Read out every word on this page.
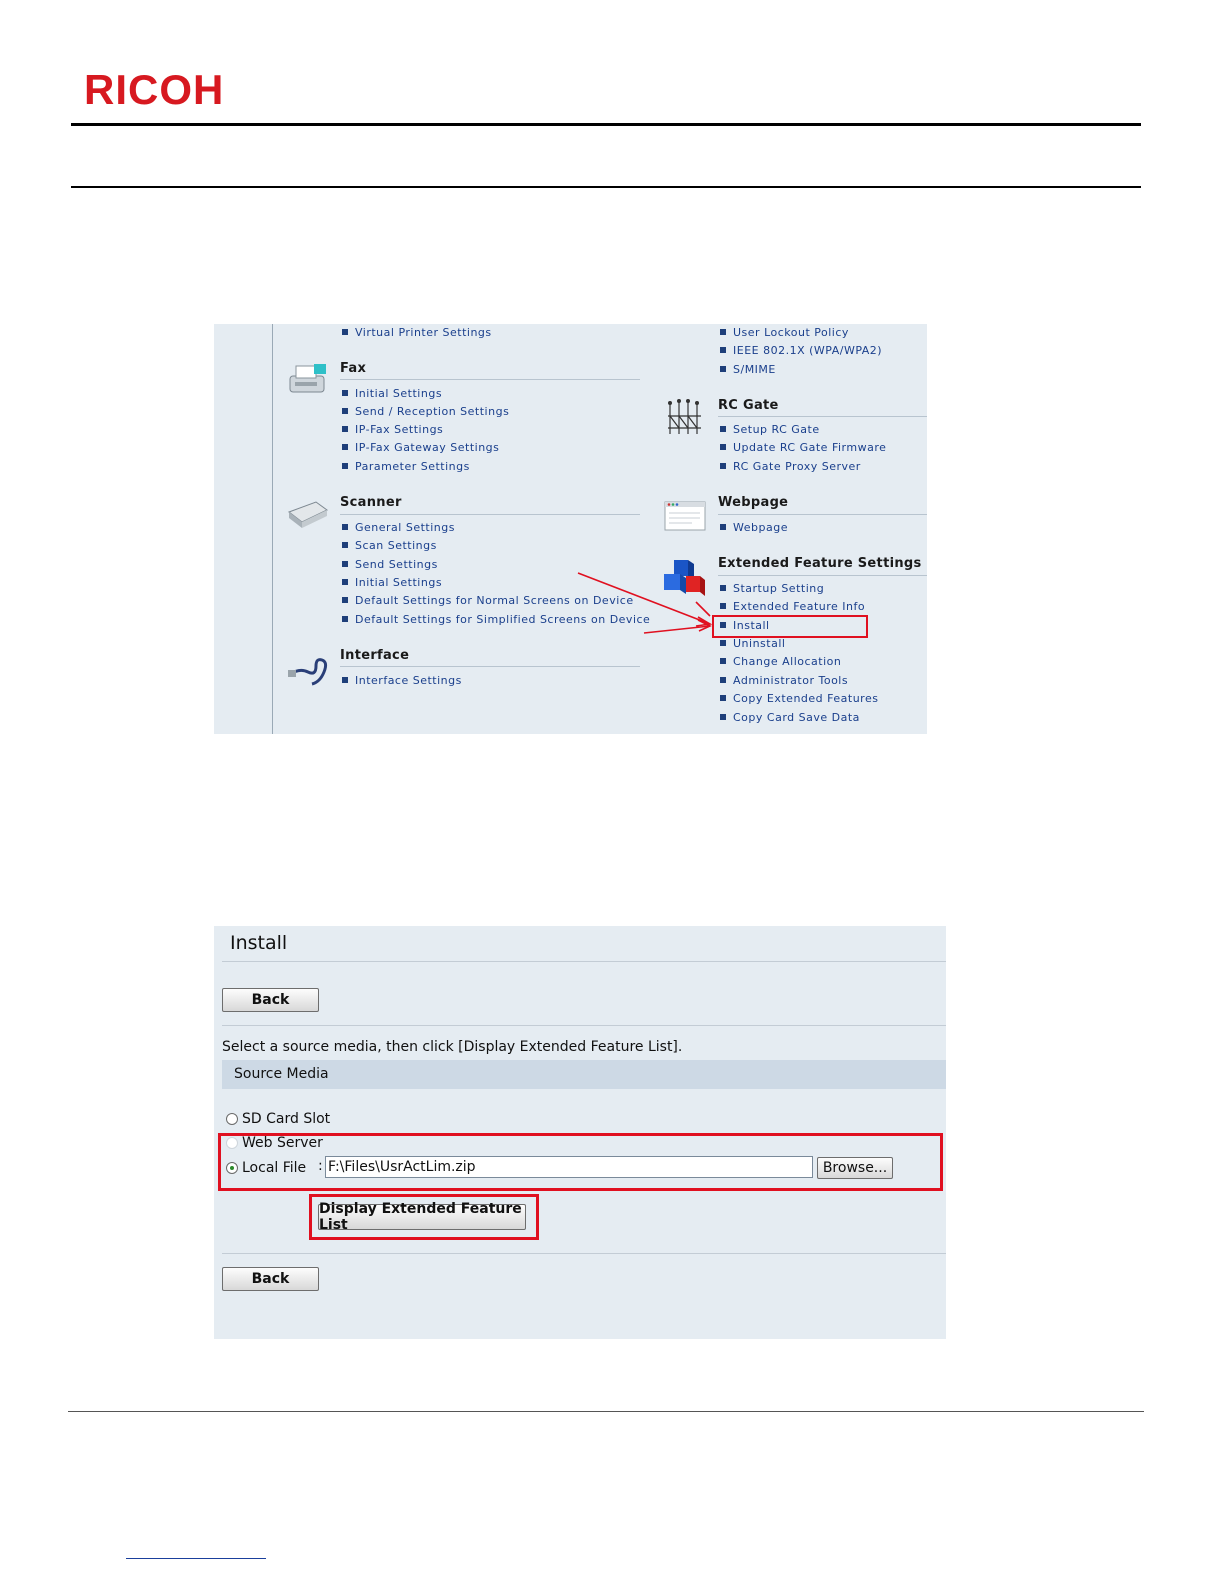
RICOH
Virtual Printer Settings
Fax
Initial Settings
Send / Reception Settings
IP-Fax Settings
IP-Fax Gateway Settings
Parameter Settings
Scanner
General Settings
Scan Settings
Send Settings
Initial Settings
Default Settings for Normal Screens on Device
Default Settings for Simplified Screens on Device
Interface
Interface Settings
User Lockout Policy
IEEE 802.1X (WPA/WPA2)
S/MIME
RC Gate
Setup RC Gate
Update RC Gate Firmware
RC Gate Proxy Server
Webpage
Webpage
Extended Feature Settings
Startup Setting
Extended Feature Info
Install
Uninstall
Change Allocation
Administrator Tools
Copy Extended Features
Copy Card Save Data
Install
Back
Select a source media, then click [Display Extended Feature List].
Source Media
SD Card Slot
Web Server
Local File : F:\Files\UsrActLim.zip	Browse...
Display Extended Feature List
Back
